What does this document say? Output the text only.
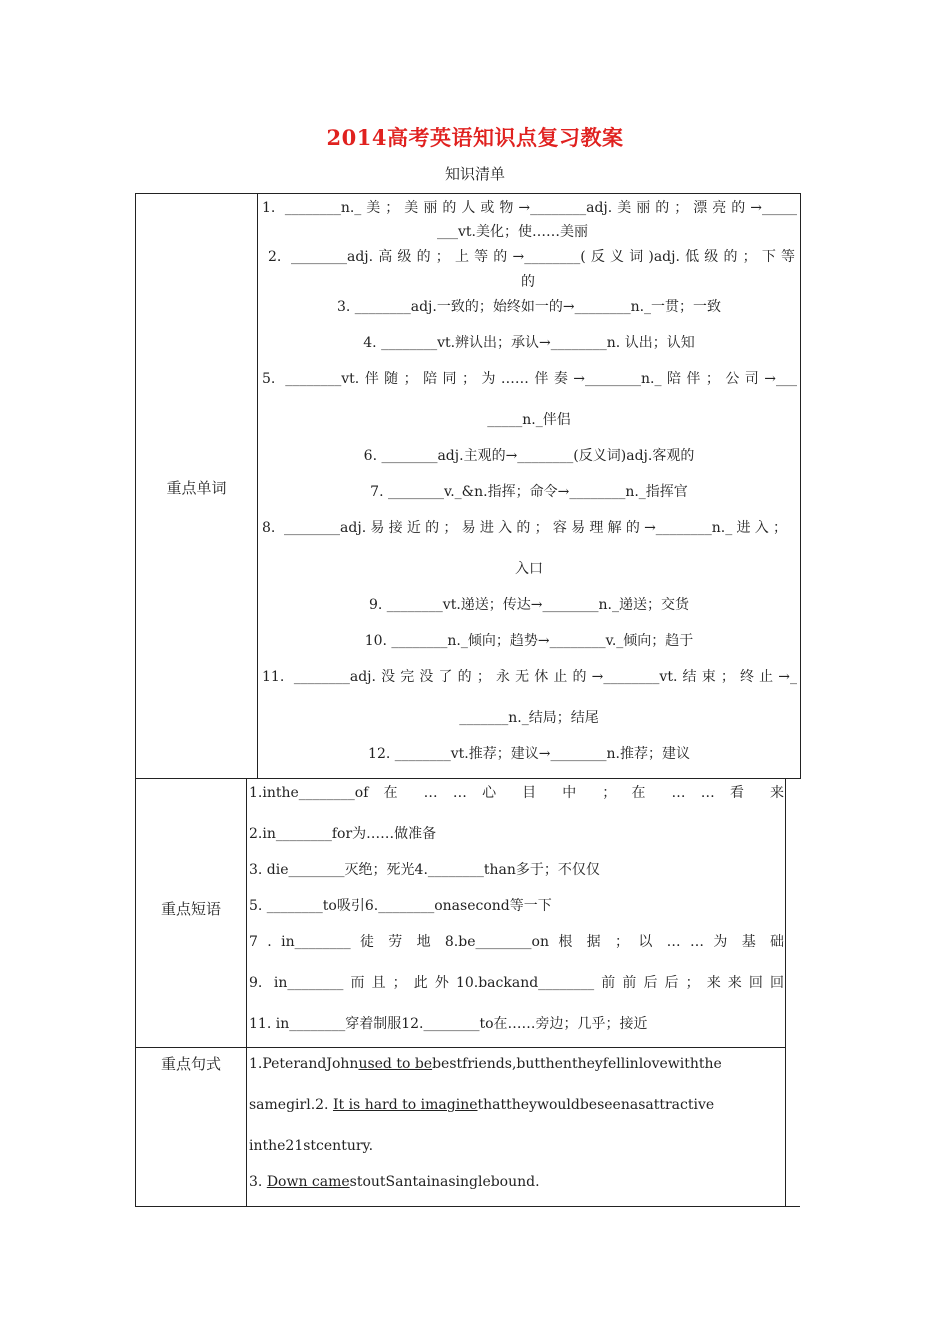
2014高考英语知识点复习教案
知识清单
重点单词
1. ________n._美；美丽的人或物→________adj.美丽的；漂亮的→_____
___vt.美化；使……美丽
2. ________adj.高级的；上等的→________(反义词)adj.低级的；下等
的
3. ________adj.一致的；始终如一的→________n._一贯；一致
4. ________vt.辨认出；承认→________n. 认出；认知
5. ________vt.伴随；陪同；为……伴奏→________n._陪伴；公司→___
_____n._伴侣
6. ________adj.主观的→________(反义词)adj.客观的
7. ________v._&n.指挥；命令→________n._指挥官
8. ________adj.易接近的；易进入的；容易理解的→________n._进入；
入口
9. ________vt.递送；传达→________n._递送；交货
10. ________n._倾向；趋势→________v._倾向；趋于
11. ________adj.没完没了的；永无休止的→________vt.结束；终止→_
_______n._结局；结尾
12. ________vt.推荐；建议→________n.推荐；建议
重点短语
1.inthe________of 在 … … 心 目 中 ； 在 … … 看 来
2.in________for为……做准备
3. die________灭绝；死光4.________than多于；不仅仅
5. ________to吸引6.________onasecond等一下
7 . in________ 徒 劳 地 8.be________on 根 据 ； 以 … … 为 基 础
9. in________而且；此外10.backand________前前后后；来来回回
11. in________穿着制服12.________to在……旁边；几乎；接近
重点句式	1.PeterandJohnused to bebestfriends,butthentheyfellinlovewiththe
samegirl.2. It is hard to imaginethattheywouldbeseenasattractive
inthe21stcentury.
3. Down camestoutSantainasinglebound.
